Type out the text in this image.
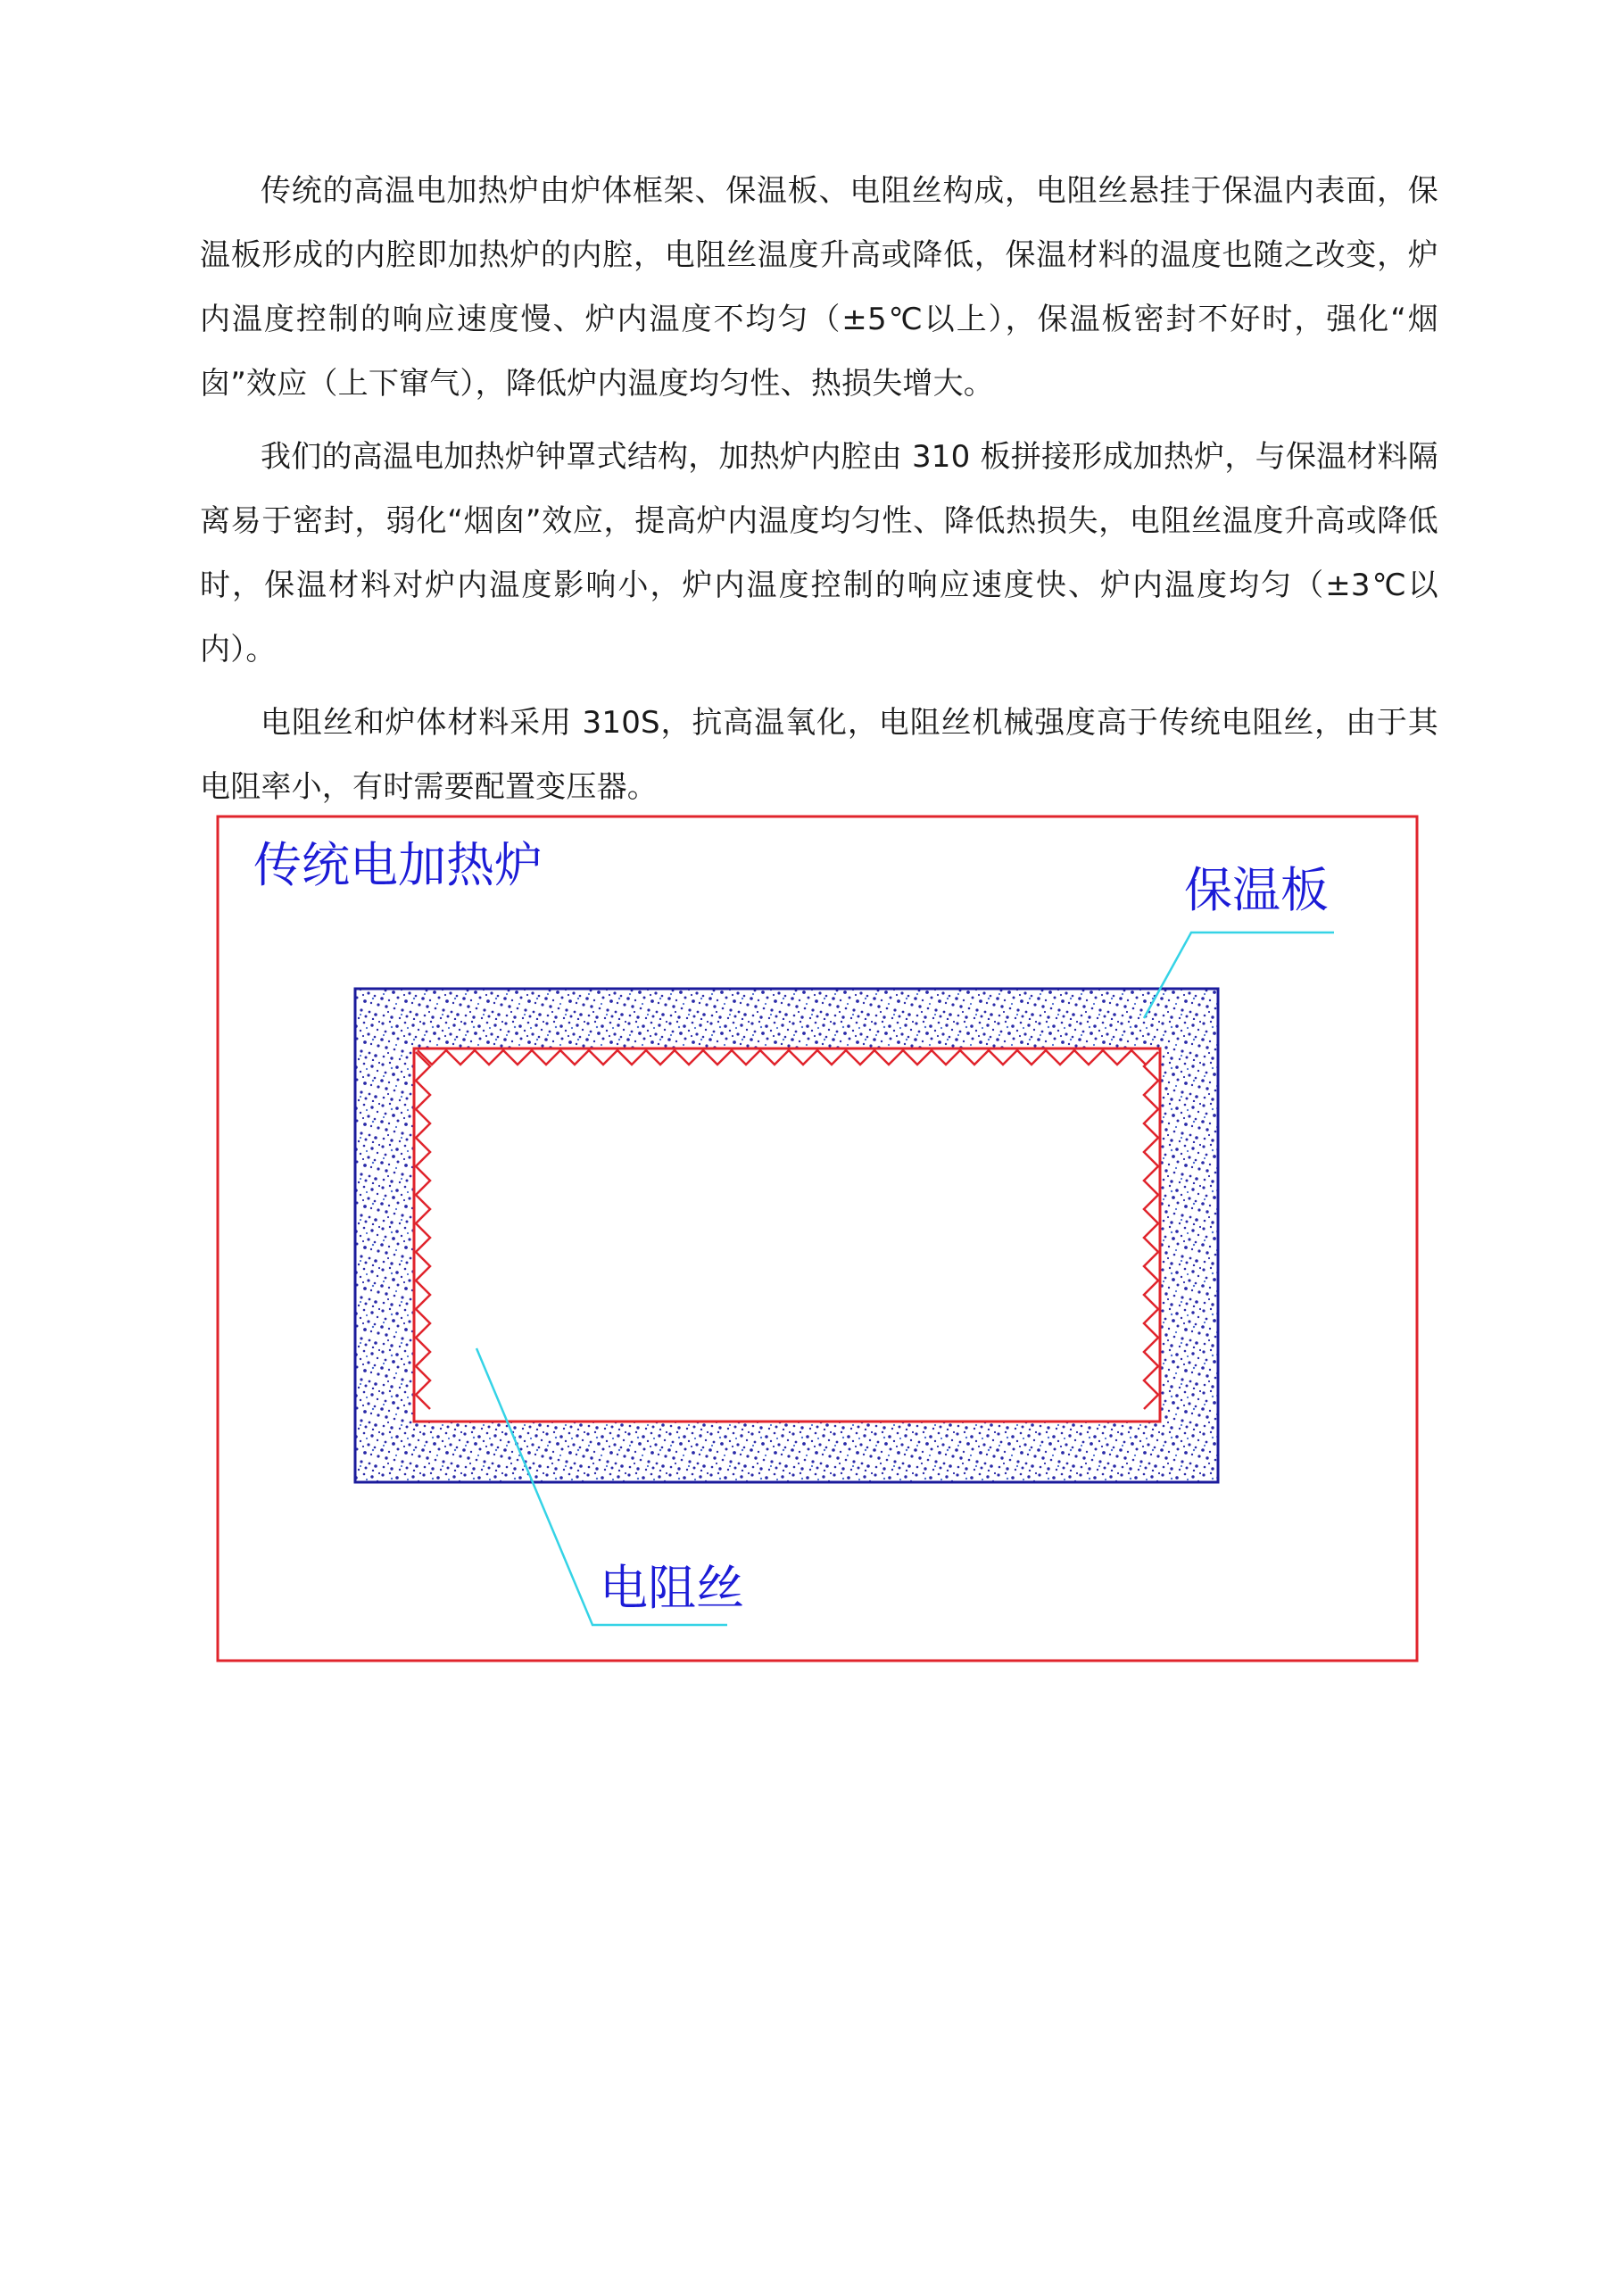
传统的高温电加热炉由炉体框架、保温板、电阻丝构成，电阻丝悬挂于保温内表面，保温板形成的内腔即加热炉的内腔，电阻丝温度升高或降低，保温材料的温度也随之改变，炉内温度控制的响应速度慢、炉内温度不均匀（±5℃以上），保温板密封不好时，强化“烟囱”效应（上下窜气），降低炉内温度均匀性、热损失增大。

我们的高温电加热炉钟罩式结构，加热炉内腔由 310 板拼接形成加热炉，与保温材料隔离易于密封，弱化“烟囱”效应，提高炉内温度均匀性、降低热损失，电阻丝温度升高或降低时，保温材料对炉内温度影响小，炉内温度控制的响应速度快、炉内温度均匀（±3℃以内）。

电阻丝和炉体材料采用 310S，抗高温氧化，电阻丝机械强度高于传统电阻丝，由于其电阻率小，有时需要配置变压器。

传统电加热炉	保温板
电阻丝
